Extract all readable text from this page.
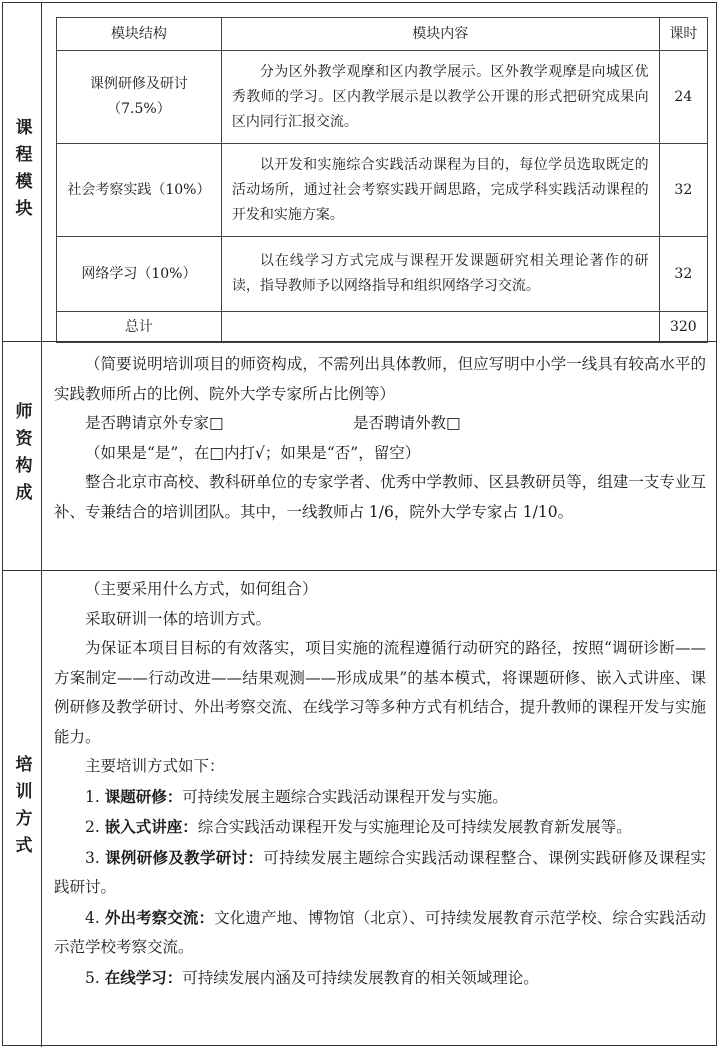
课程模块
模块结构	模块内容	课时

课例研修及研讨
（7.5%）	分为区外教学观摩和区内教学展示。区外教学观摩是向城区优秀教师的学习。区内教学展示是以教学公开课的形式把研究成果向区内同行汇报交流。	24
社会考察实践（10%）	以开发和实施综合实践活动课程为目的，每位学员选取既定的活动场所，通过社会考察实践开阔思路，完成学科实践活动课程的开发和实施方案。	32
网络学习（10%）	以在线学习方式完成与课程开发课题研究相关理论著作的研读，指导教师予以网络指导和组织网络学习交流。	32
总计		320
师资构成

（简要说明培训项目的师资构成，不需列出具体教师，但应写明中小学一线具有较高水平的实践教师所占的比例、院外大学专家所占比例等）

是否聘请京外专家□	是否聘请外教□

（如果是“是”，在□内打√；如果是“否”，留空）

整合北京市高校、教科研单位的专家学者、优秀中学教师、区县教研员等，组建一支专业互补、专兼结合的培训团队。其中，一线教师占 1/6，院外大学专家占 1/10。

培训方式

（主要采用什么方式，如何组合）

采取研训一体的培训方式。

为保证本项目目标的有效落实，项目实施的流程遵循行动研究的路径，按照“调研诊断——方案制定——行动改进——结果观测——形成成果”的基本模式，将课题研修、嵌入式讲座、课例研修及教学研讨、外出考察交流、在线学习等多种方式有机结合，提升教师的课程开发与实施能力。

主要培训方式如下：

1. 课题研修：可持续发展主题综合实践活动课程开发与实施。

2. 嵌入式讲座：综合实践活动课程开发与实施理论及可持续发展教育新发展等。

3. 课例研修及教学研讨：可持续发展主题综合实践活动课程整合、课例实践研修及课程实践研讨。

4. 外出考察交流：文化遗产地、博物馆（北京）、可持续发展教育示范学校、综合实践活动示范学校考察交流。

5. 在线学习：可持续发展内涵及可持续发展教育的相关领域理论。
